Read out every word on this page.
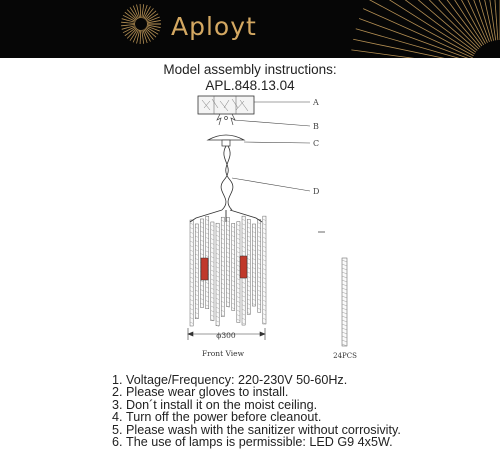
Aployt
Model assembly instructions:
APL.848.13.04
A
B
C
D
ϕ300
Front View	24PCS
1. Voltage/Frequency: 220-230V 50-60Hz.
2. Please wear gloves to install.
3. Don´t install it on the moist ceiling.
4. Turn off the power before cleanout.
5. Please wash with the sanitizer without corrosivity.
6. The use of lamps is permissible: LED G9 4x5W.
